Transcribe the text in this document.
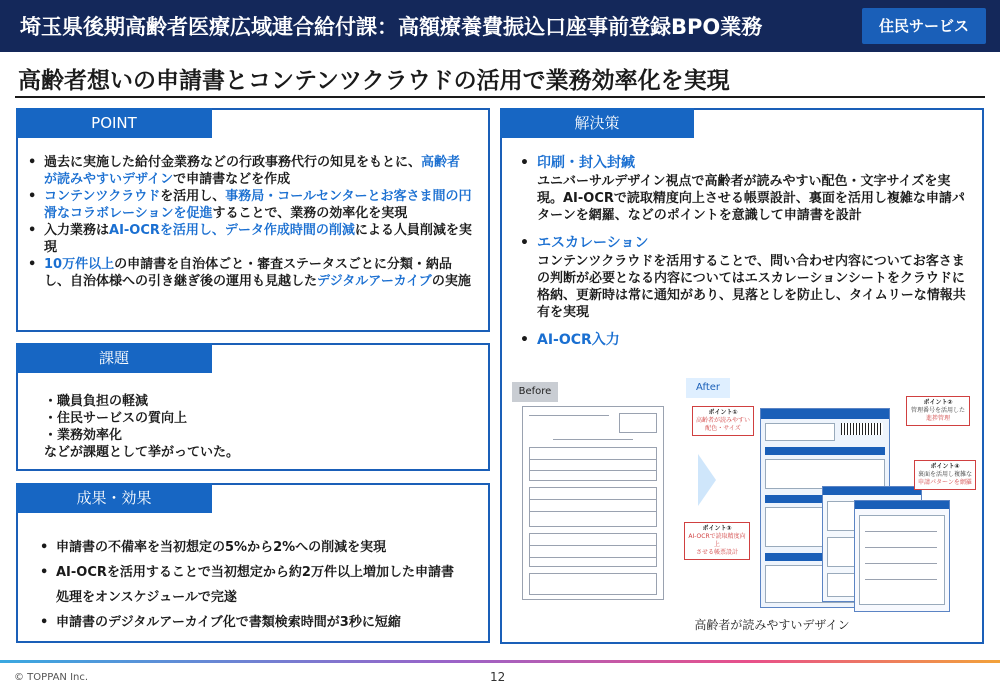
埼玉県後期高齢者医療広域連合給付課：高額療養費振込口座事前登録BPO業務	住民サービス
高齢者想いの申請書とコンテンツクラウドの活用で業務効率化を実現
POINT
• 過去に実施した給付金業務などの行政事務代行の知見をもとに、高齢者が読みやすいデザインで申請書などを作成
• コンテンツクラウドを活用し、事務局・コールセンターとお客さま間の円滑なコラボレーションを促進することで、業務の効率化を実現
• 入力業務はAI-OCRを活用し、データ作成時間の削減による人員削減を実現
• 10万件以上の申請書を自治体ごと・審査ステータスごとに分類・納品し、自治体様への引き継ぎ後の運用も見越したデジタルアーカイブの実施
課題
・職員負担の軽減
・住民サービスの質向上
・業務効率化
などが課題として挙がっていた。
成果・効果
• 申請書の不備率を当初想定の5%から2%への削減を実現
• AI-OCRを活用することで当初想定から約2万件以上増加した申請書処理をオンスケジュールで完遂
• 申請書のデジタルアーカイブ化で書類検索時間が3秒に短縮
解決策
• 印刷・封入封緘
ユニバーサルデザイン視点で高齢者が読みやすい配色・文字サイズを実現。AI-OCRで読取精度向上させる帳票設計、裏面を活用し複雑な申請パターンを網羅、などのポイントを意識して申請書を設計
• エスカレーション
コンテンツクラウドを活用することで、問い合わせ内容についてお客さまの判断が必要となる内容についてはエスカレーションシートをクラウドに格納、更新時は常に通知があり、見落としを防止し、タイムリーな情報共有を実現
• AI-OCR入力
Before	After
ポイント①
高齢者が読みやすい
配色・サイズ
ポイント②
管理番号を活用した
進捗管理
ポイント③
AI-OCRで読取精度向上
させる帳票設計
ポイント④
裏面を活用し複雑な
申請パターンを網羅
高齢者が読みやすいデザイン
© TOPPAN Inc.	12
